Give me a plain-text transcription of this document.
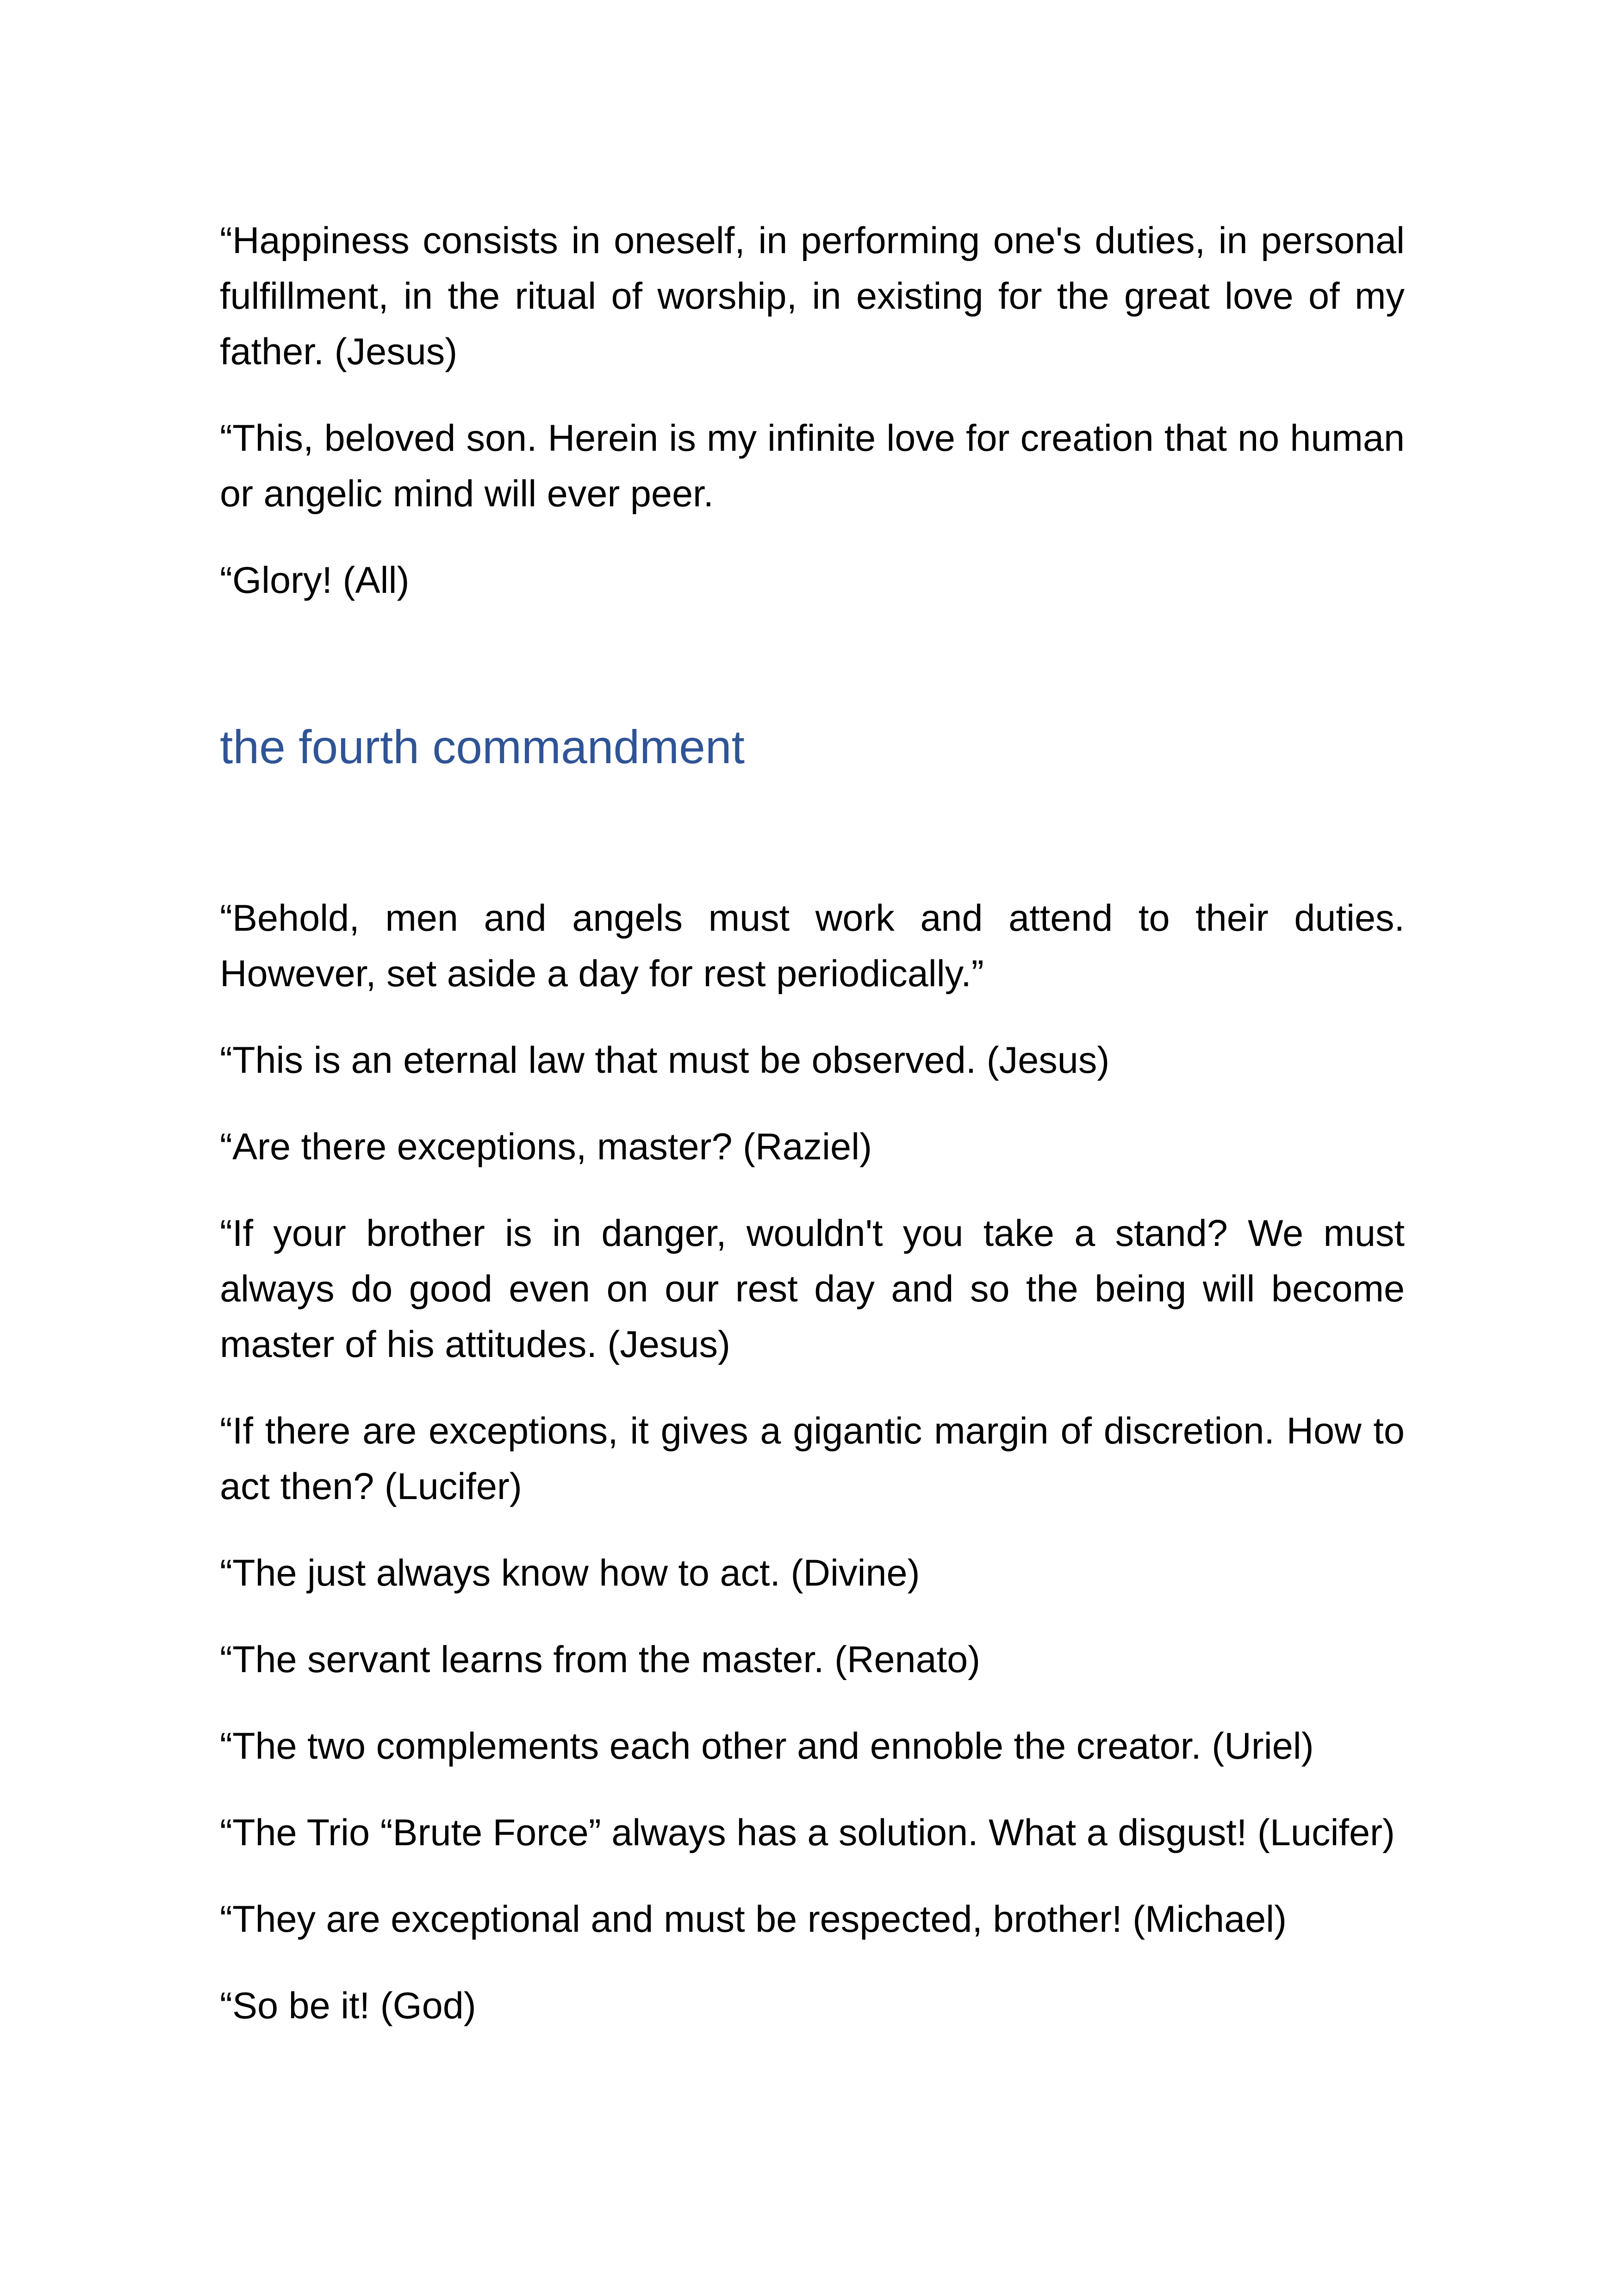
“Happiness consists in oneself, in performing one's duties, in personal fulfillment, in the ritual of worship, in existing for the great love of my father. (Jesus)

“This, beloved son. Herein is my infinite love for creation that no human or angelic mind will ever peer.

“Glory! (All)

the fourth commandment

“Behold, men and angels must work and attend to their duties. However, set aside a day for rest periodically.”

“This is an eternal law that must be observed. (Jesus)

“Are there exceptions, master? (Raziel)

“If your brother is in danger, wouldn't you take a stand? We must always do good even on our rest day and so the being will become master of his attitudes. (Jesus)

“If there are exceptions, it gives a gigantic margin of discretion. How to act then? (Lucifer)

“The just always know how to act. (Divine)

“The servant learns from the master. (Renato)

“The two complements each other and ennoble the creator. (Uriel)

“The Trio “Brute Force” always has a solution. What a disgust! (Lucifer)

“They are exceptional and must be respected, brother! (Michael)

“So be it! (God)
